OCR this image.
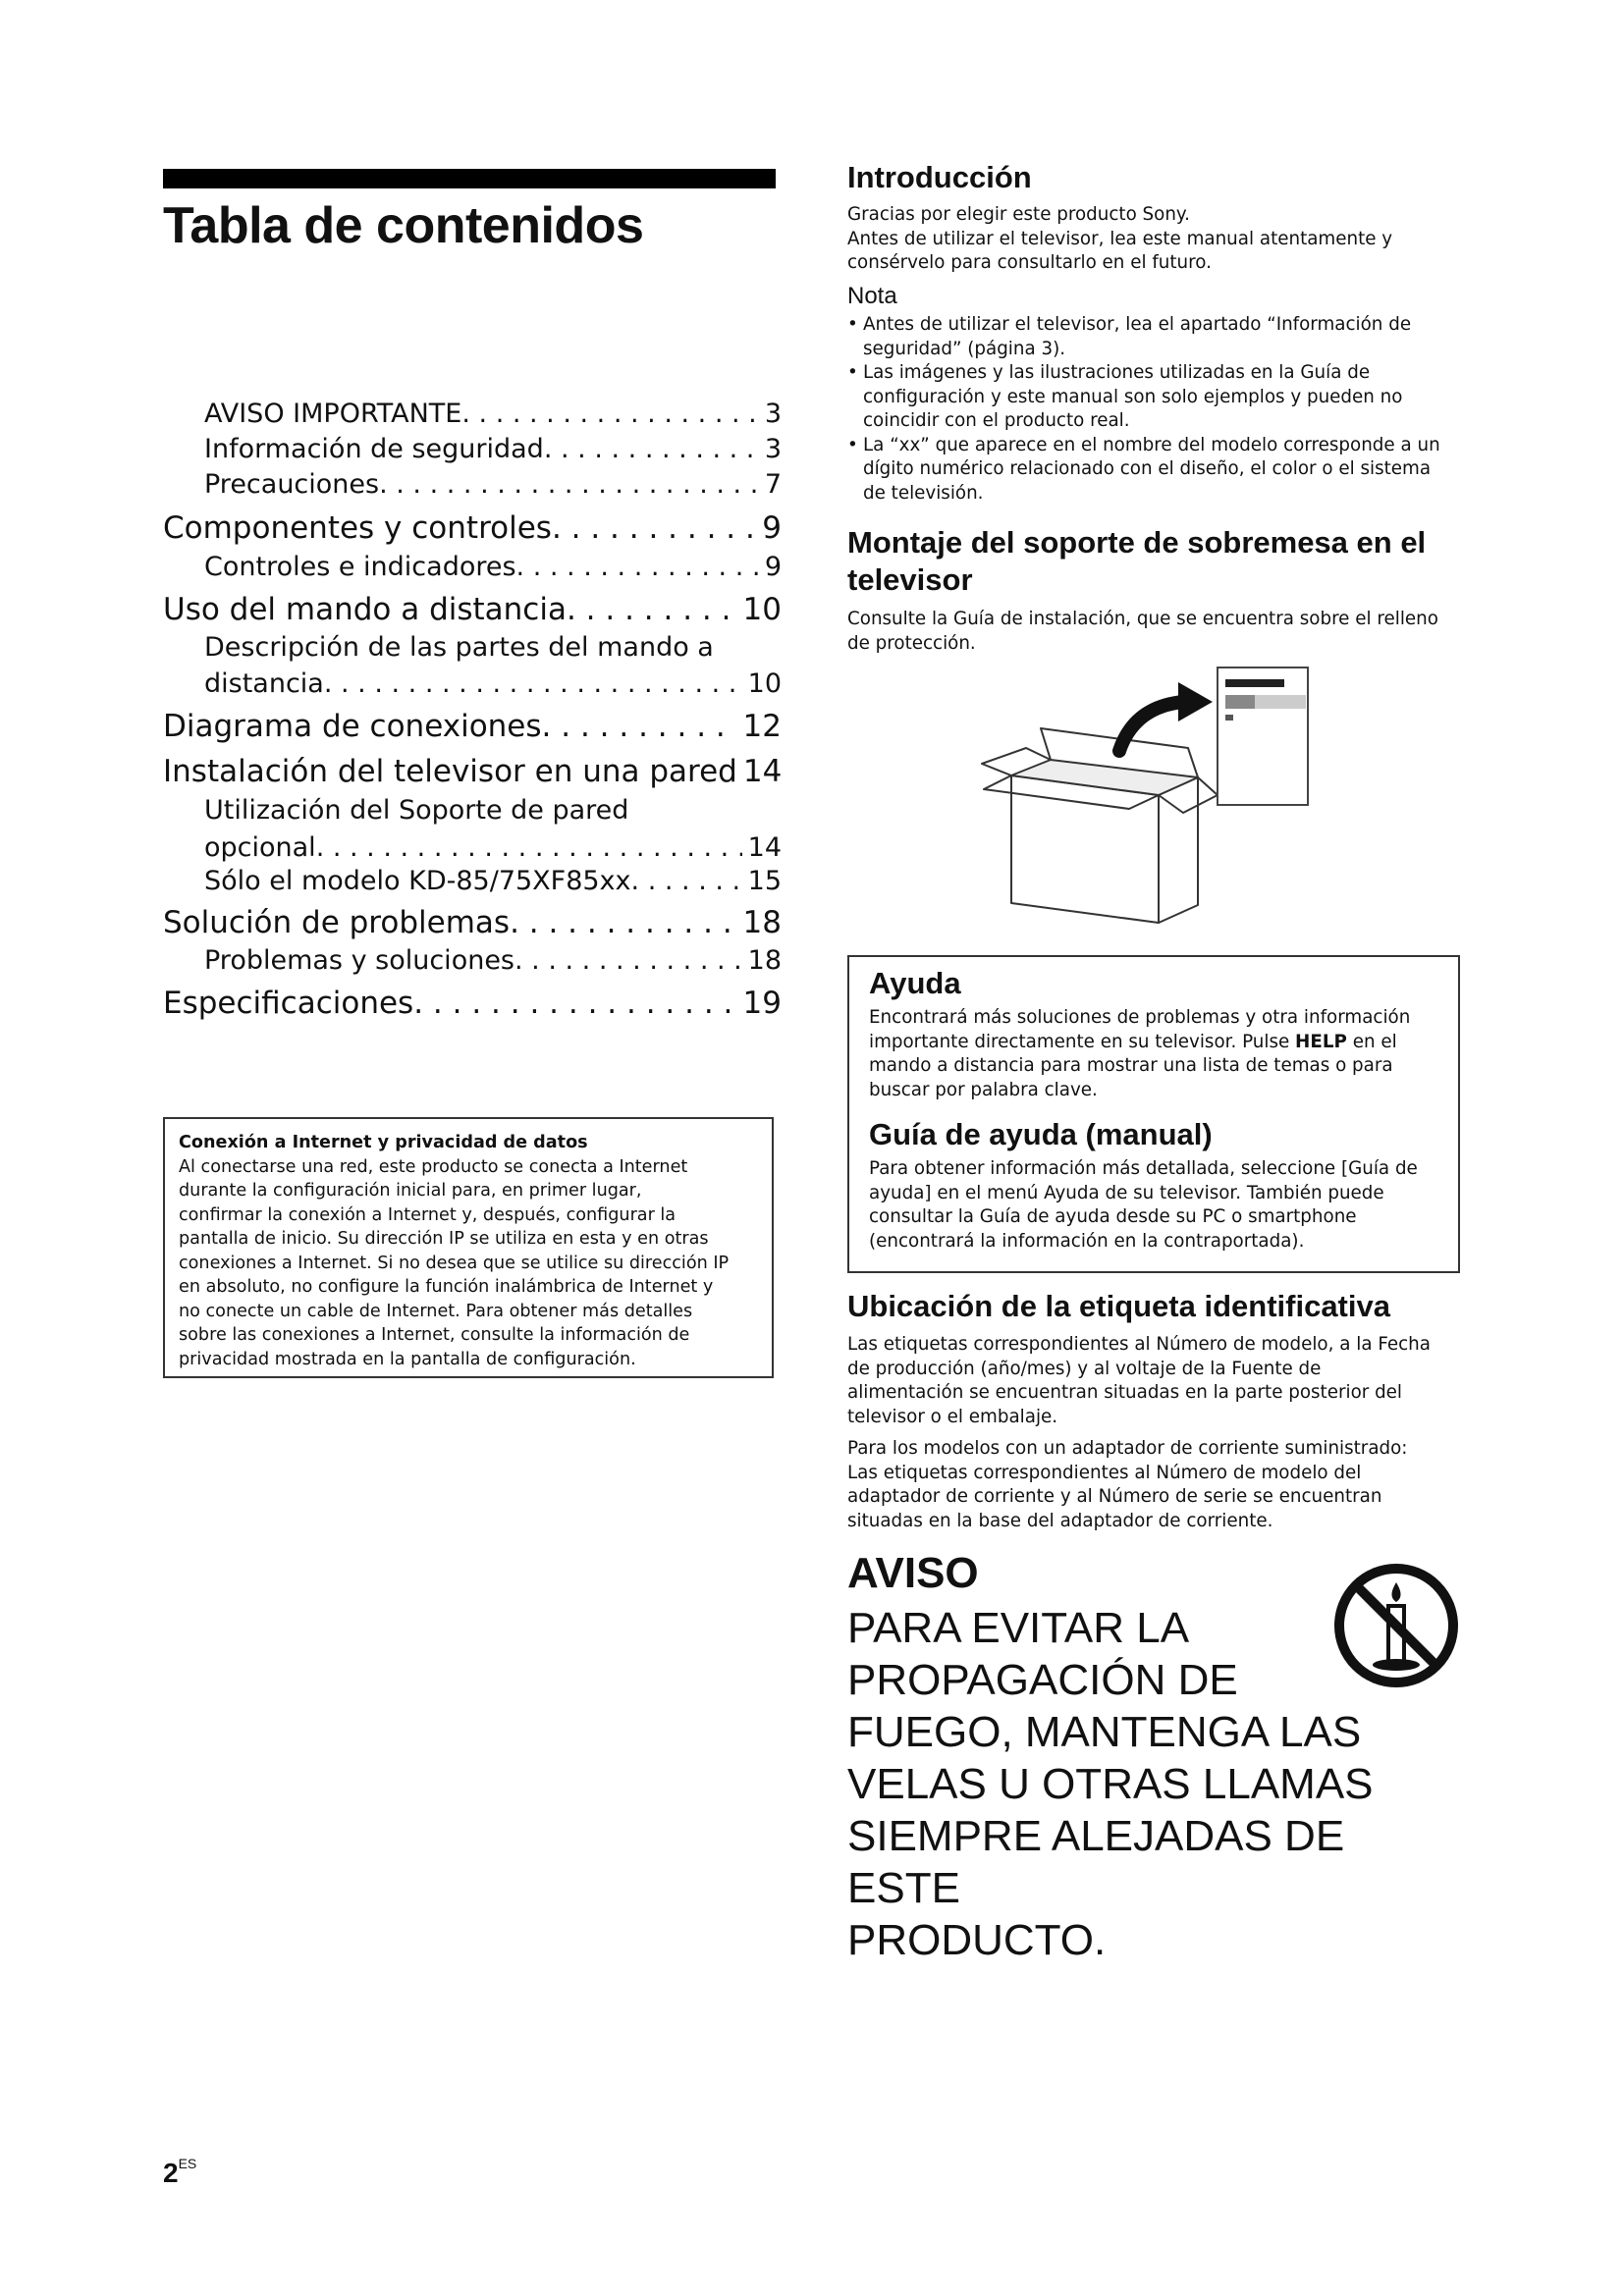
Tabla de contenidos
AVISO IMPORTANTE . . .	3
Información de seguridad . . .	3
Precauciones . . .	7
Componentes y controles . . .	9
Controles e indicadores . . .	9
Uso del mando a distancia . . .	10
Descripción de las partes del mando a
distancia . . .	10
Diagrama de conexiones . . .	12
Instalación del televisor en una pared 14
Utilización del Soporte de pared
opcional . . .	14
Sólo el modelo KD-85/75XF85xx . . .	15
Solución de problemas . . .	18
Problemas y soluciones . . .	18
Especificaciones . . .	19
Conexión a Internet y privacidad de datos
Al conectarse una red, este producto se conecta a Internet
durante la configuración inicial para, en primer lugar,
confirmar la conexión a Internet y, después, configurar la
pantalla de inicio. Su dirección IP se utiliza en esta y en otras
conexiones a Internet. Si no desea que se utilice su dirección IP
en absoluto, no configure la función inalámbrica de Internet y
no conecte un cable de Internet. Para obtener más detalles
sobre las conexiones a Internet, consulte la información de
privacidad mostrada en la pantalla de configuración.
$2^{ES}$
Introducción
Gracias por elegir este producto Sony.
Antes de utilizar el televisor, lea este manual atentamente y
consérvelo para consultarlo en el futuro.
Nota
• Antes de utilizar el televisor, lea el apartado “Información de
seguridad” (página 3).
• Las imágenes y las ilustraciones utilizadas en la Guía de
configuración y este manual son solo ejemplos y pueden no
coincidir con el producto real.
• La “xx” que aparece en el nombre del modelo corresponde a un
dígito numérico relacionado con el diseño, el color o el sistema
de televisión.
Montaje del soporte de sobremesa en el
televisor
Consulte la Guía de instalación, que se encuentra sobre el relleno
de protección.
Ayuda
Encontrará más soluciones de problemas y otra información
importante directamente en su televisor. Pulse HELP en el
mando a distancia para mostrar una lista de temas o para
buscar por palabra clave.
Guía de ayuda (manual)
Para obtener información más detallada, seleccione [Guía de
ayuda] en el menú Ayuda de su televisor. También puede
consultar la Guía de ayuda desde su PC o smartphone
(encontrará la información en la contraportada).
Ubicación de la etiqueta identificativa
Las etiquetas correspondientes al Número de modelo, a la Fecha
de producción (año/mes) y al voltaje de la Fuente de
alimentación se encuentran situadas en la parte posterior del
televisor o el embalaje.
Para los modelos con un adaptador de corriente suministrado:
Las etiquetas correspondientes al Número de modelo del
adaptador de corriente y al Número de serie se encuentran
situadas en la base del adaptador de corriente.
AVISO
PARA EVITAR LA
PROPAGACIÓN DE
FUEGO, MANTENGA LAS
VELAS U OTRAS LLAMAS
SIEMPRE ALEJADAS DE ESTE
PRODUCTO.
